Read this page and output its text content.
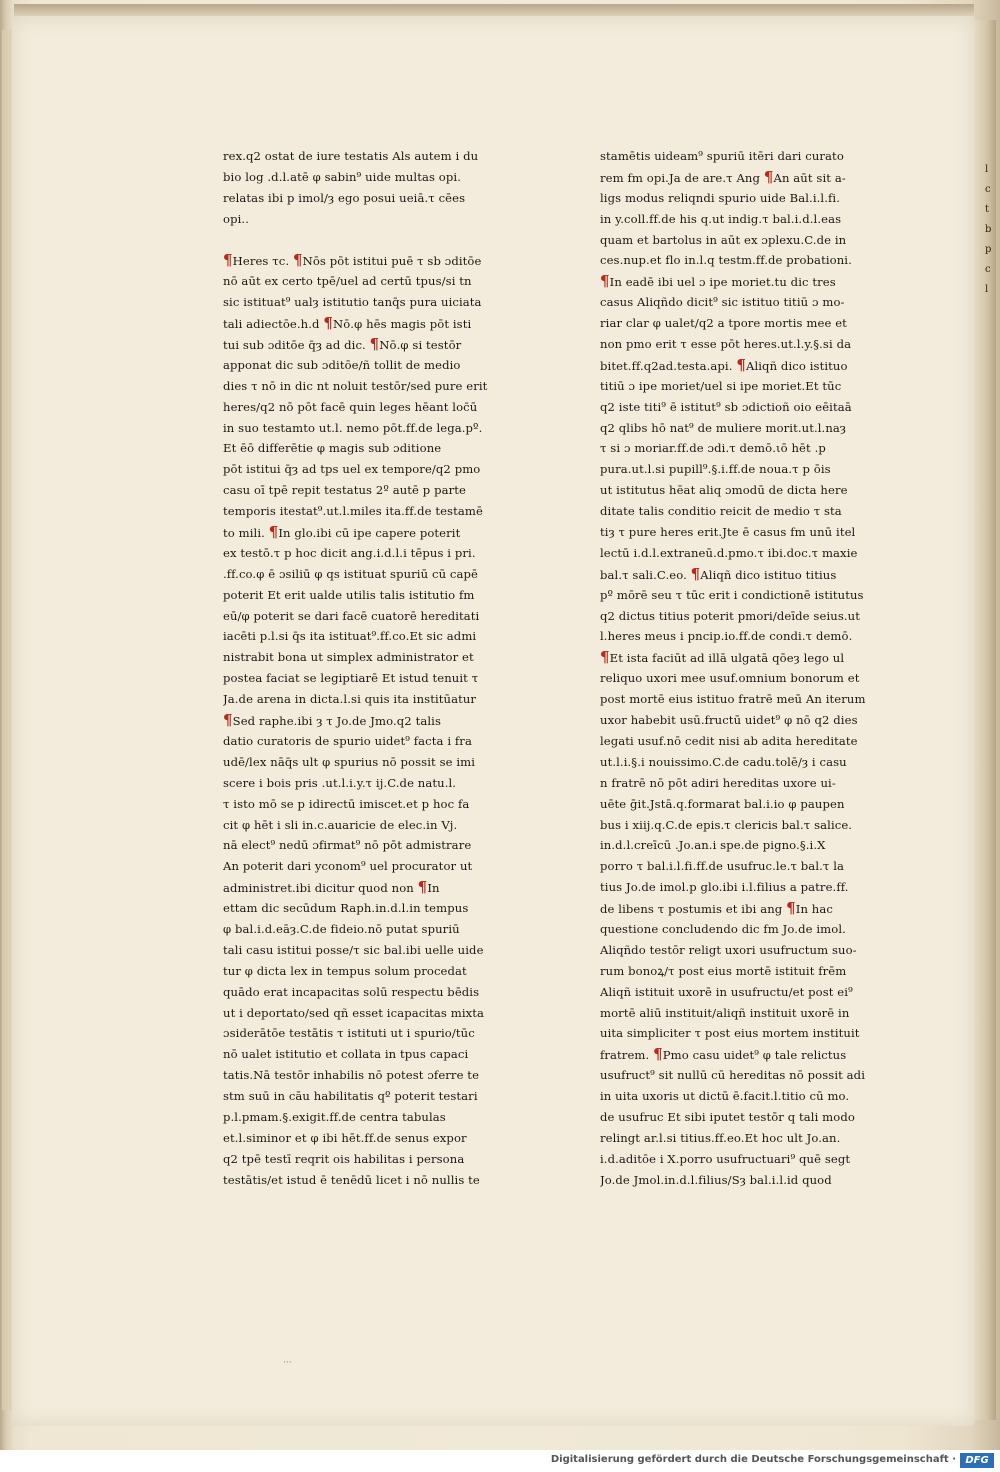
rex.q2 ostat de iure testatis Als autem i du
bio log .d.l.atē φ sabin⁹ uide multas opi.
relatas ibi p imol/ȝ ego posui ueiā.τ cēes
opi..
¶Heres τc. ¶Nōs pōt istitui puē τ sb ɔditōe
nō aūt ex certo tpē/uel ad certū tpus/si tn
sic istituat⁹ ualȝ istitutio tanq̄s pura uiciata
tali adiectōe.h.d ¶Nō.φ hēs magis pōt isti
tui sub ɔditōe q̄ȝ ad dic. ¶Nō.φ si testōr
apponat dic sub ɔditōe/ñ tollit de medio
dies τ nō in dic nt noluit testōr/sed pure erit
heres/q2 nō pōt facē quin leges hēant loc̄ū
in suo testamto ut.l. nemo pōt.ff.de lega.pº.
Et ēō differētie φ magis sub ɔditione
pōt istitui q̄ȝ ad tps uel ex tempore/q2 pmo
casu oī tpē repit testatus 2º autē p parte
temporis itestat⁹.ut.l.miles ita.ff.de testamē
to mili. ¶In glo.ibi cū ipe capere poterit
ex testō.τ p hoc dicit ang.i.d.l.i tēpus i pri.
.ff.co.φ ē ɔsiliū φ qs istituat spuriū cū capē
poterit Et erit ualde utilis talis istitutio fm
eū/φ poterit se dari facē cuatorē hereditati
iacēti p.l.si q̄s ita istituat⁹.ff.co.Et sic admi
nistrabit bona ut simplex administrator et
postea faciat se legiptiarē Et istud tenuit τ
Ja.de arena in dicta.l.si quis ita institūatur
¶Sed raphe.ibi ȝ τ Jo.de Jmo.q2 talis
datio curatoris de spurio uidet⁹ facta i fra
udē/lex nāq̄s ult φ spurius nō possit se imi
scere i bois pris .ut.l.i.y.τ ij.C.de natu.l.
τ isto mō se p idirectū imiscet.et p hoc fa
cit φ hēt i sli in.c.auaricie de elec.in Vj.
nā elect⁹ nedū ɔfirmat⁹ nō pōt admistrare
An poterit dari yconom⁹ uel procurator ut
administret.ibi dicitur quod non ¶In
ettam dic secūdum Raph.in.d.l.in tempus
φ bal.i.d.eāȝ.C.de fideio.nō putat spuriū
tali casu istitui posse/τ sic bal.ibi uelle uide
tur φ dicta lex in tempus solum procedat
quādo erat incapacitas solū respectu bēdis
ut i deportato/sed qñ esset icapacitas mixta
ɔsiderātōe testātis τ istituti ut i spurio/tūc
nō ualet istitutio et collata in tpus capaci
tatis.Nā testōr inhabilis nō potest ɔferre te
stm suū in cāu habilitatis qº poterit testari
p.l.pmam.§.exigit.ff.de centra tabulas
et.l.siminor et φ ibi hēt.ff.de senus expor
q2 tpē testī reqrit ois habilitas i persona
testātis/et istud ē tenēdū licet i nō nullis te
stamētis uideam⁹ spuriū itēri dari curato
rem fm opi.Ja de are.τ Ang ¶An aūt sit a-
ligs modus reliqndi spurio uide Bal.i.l.fi.
in y.coll.ff.de his q.ut indig.τ bal.i.d.l.eas
quam et bartolus in aūt ex ɔplexu.C.de in
ces.nup.et flo in.l.q testm.ff.de probationi.
¶In eadē ibi uel ɔ ipe moriet.tu dic tres
casus Aliqñdo dicit⁹ sic istituo titiū ɔ mo-
riar clar φ ualet/q2 a tpore mortis mee et
non pmo erit τ esse pōt heres.ut.l.y.§.si da
bitet.ff.q2ad.testa.api. ¶Aliqñ dico istituo
titiū ɔ ipe moriet/uel si ipe moriet.Et tūc
q2 iste titi⁹ ē istitut⁹ sb ɔdictioñ oio eēitaā
q2 qlibs hō nat⁹ de muliere morit.ut.l.naȝ
τ si ɔ moriar.ff.de ɔdi.τ demō.ιō hēt .p
pura.ut.l.si pupill⁹.§.i.ff.de noua.τ p ōis
ut istitutus hēat aliq ɔmodū de dicta here
ditate talis conditio reicit de medio τ sta
tiȝ τ pure heres erit.Jte ē casus fm unū itel
lectū i.d.l.extraneū.d.pmo.τ ibi.doc.τ maxie
bal.τ sali.C.eo. ¶Aliqñ dico istituo titius
pº mōrē seu τ tūc erit i condictionē istitutus
q2 dictus titius poterit pmori/deīde seius.ut
l.heres meus i pncip.io.ff.de condi.τ demō.
¶Et ista faciūt ad illā ulgatā qōeȝ lego ul
reliquo uxori mee usuf.omnium bonorum et
post mortē eius istituo fratrē meū An iterum
uxor habebit usū.fructū uidet⁹ φ nō q2 dies
legati usuf.nō cedit nisi ab adita hereditate
ut.l.i.§.i nouissimo.C.de cadu.tolē/ȝ i casu
n fratrē nō pōt adiri hereditas uxore ui-
uēte ḡit.Jstā.q.formarat bal.i.io φ paupen
bus i xiij.q.C.de epis.τ clericis bal.τ salice.
in.d.l.creīcū .Jo.an.i spe.de pigno.§.i.X
porro τ bal.i.l.fi.ff.de usufruc.le.τ bal.τ la
tius Jo.de imol.p glo.ibi i.l.filius a patre.ff.
de libens τ postumis et ibi ang ¶In hac
questione concludendo dic fm Jo.de imol.
Aliqñdo testōr religt uxori usufructum suo-
rum bonoꝝ/τ post eius mortē istituit frēm
Aliqñ istituit uxorē in usufructu/et post ei⁹
mortē aliū instituit/aliqñ instituit uxorē in
uita simpliciter τ post eius mortem instituit
fratrem. ¶Pmo casu uidet⁹ φ tale relictus
usufruct⁹ sit nullū cū hereditas nō possit adi
in uita uxoris ut dictū ē.facit.l.titio cū mo.
de usufruc Et sibi iputet testōr q tali modo
relingt ar.l.si titius.ff.eo.Et hoc ult Jo.an.
i.d.aditōe i X.porro usufructuari⁹ quē segt
Jo.de Jmol.in.d.l.filius/Sȝ bal.i.l.id quod
l
c
t
b
p
c
l
···
Digitalisierung gefördert durch die Deutsche Forschungsgemeinschaft · DFG
